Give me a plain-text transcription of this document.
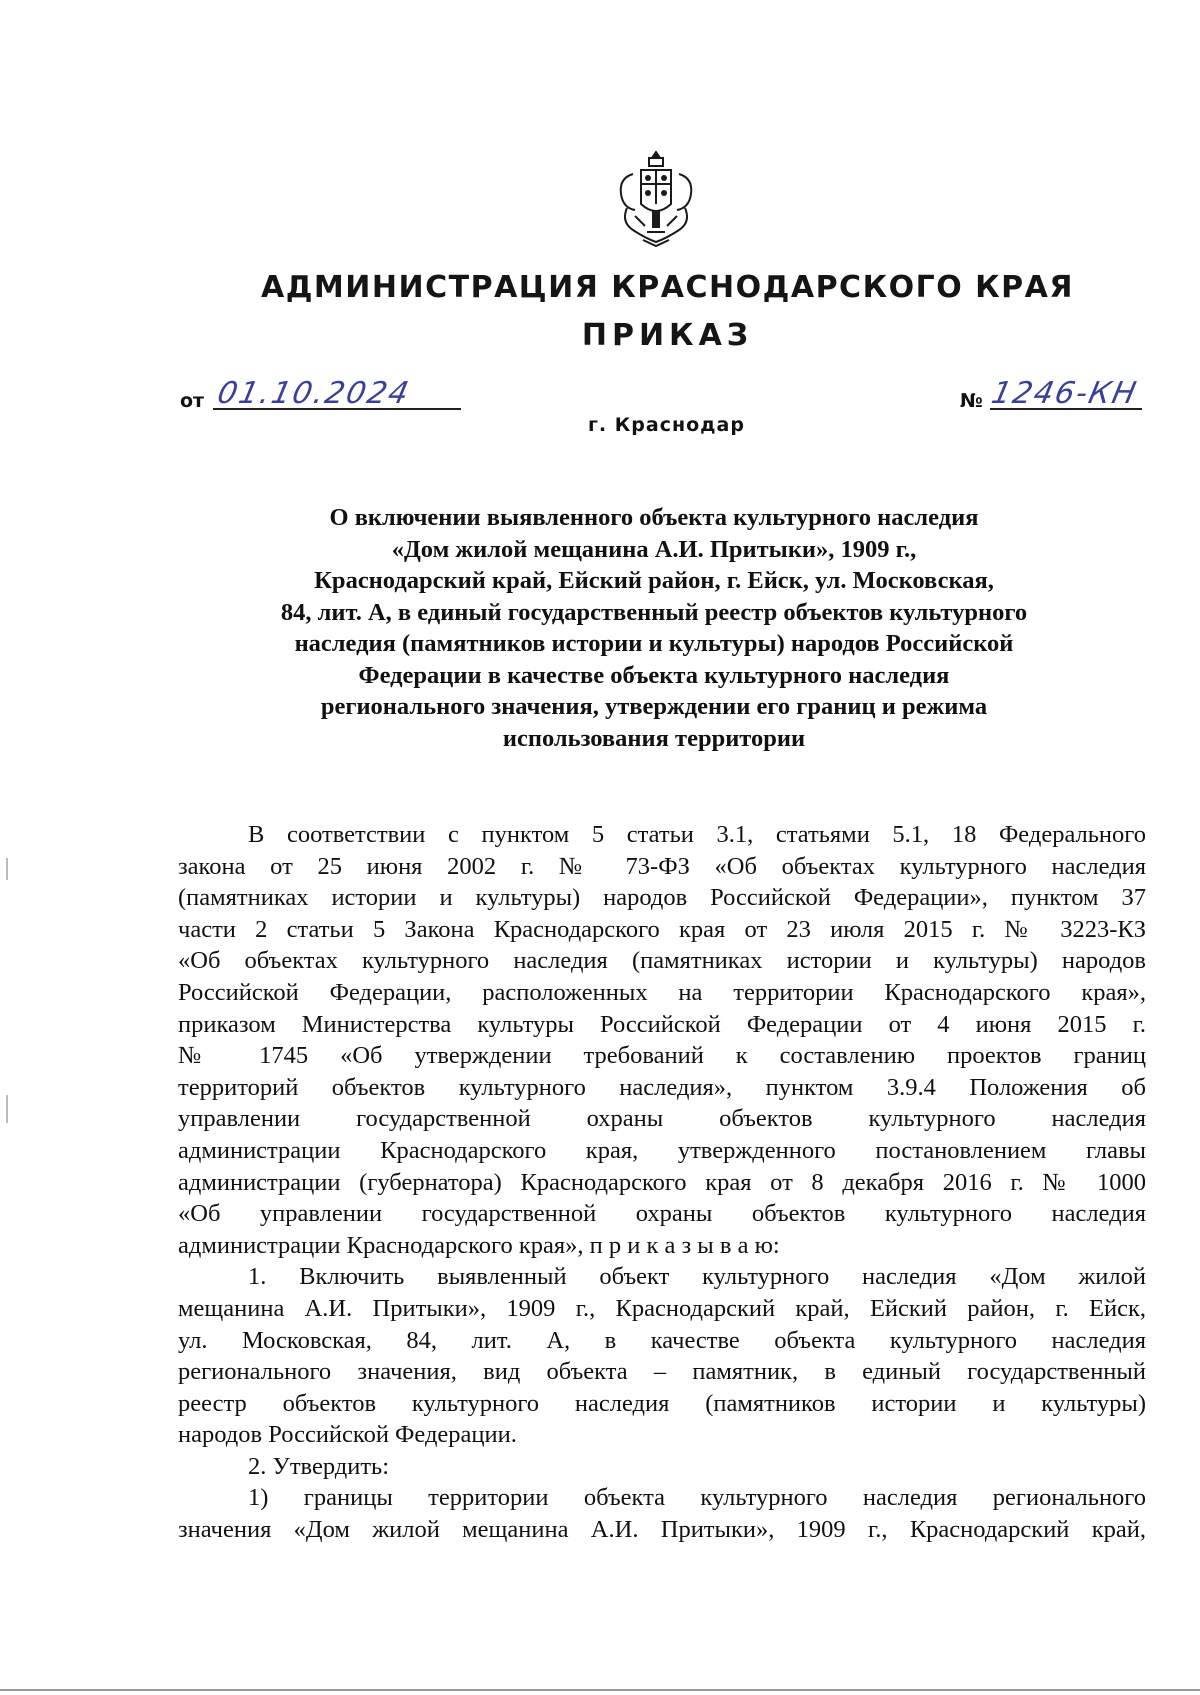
АДМИНИСТРАЦИЯ КРАСНОДАРСКОГО КРАЯ
ПРИКАЗ
от 01.10.2024
г. Краснодар
№ 1246-КН
О включении выявленного объекта культурного наследия
«Дом жилой мещанина А.И. Притыки», 1909 г.,
Краснодарский край, Ейский район, г. Ейск, ул. Московская,
84, лит. А, в единый государственный реестр объектов культурного
наследия (памятников истории и культуры) народов Российской
Федерации в качестве объекта культурного наследия
регионального значения, утверждении его границ и режима
использования территории
В соответствии с пунктом 5 статьи 3.1, статьями 5.1, 18 Федерального
закона от 25 июня 2002 г. № 73-ФЗ «Об объектах культурного наследия
(памятниках истории и культуры) народов Российской Федерации», пунктом 37
части 2 статьи 5 Закона Краснодарского края от 23 июля 2015 г. № 3223-КЗ
«Об объектах культурного наследия (памятниках истории и культуры) народов
Российской Федерации, расположенных на территории Краснодарского края»,
приказом Министерства культуры Российской Федерации от 4 июня 2015 г.
№ 1745 «Об утверждении требований к составлению проектов границ
территорий объектов культурного наследия», пунктом 3.9.4 Положения об
управлении государственной охраны объектов культурного наследия
администрации Краснодарского края, утвержденного постановлением главы
администрации (губернатора) Краснодарского края от 8 декабря 2016 г. № 1000
«Об управлении государственной охраны объектов культурного наследия
администрации Краснодарского края», п р и к а з ы в а ю:
1. Включить выявленный объект культурного наследия «Дом жилой
мещанина А.И. Притыки», 1909 г., Краснодарский край, Ейский район, г. Ейск,
ул. Московская, 84, лит. А, в качестве объекта культурного наследия
регионального значения, вид объекта – памятник, в единый государственный
реестр объектов культурного наследия (памятников истории и культуры)
народов Российской Федерации.
2. Утвердить:
1) границы территории объекта культурного наследия регионального
значения «Дом жилой мещанина А.И. Притыки», 1909 г., Краснодарский край,
